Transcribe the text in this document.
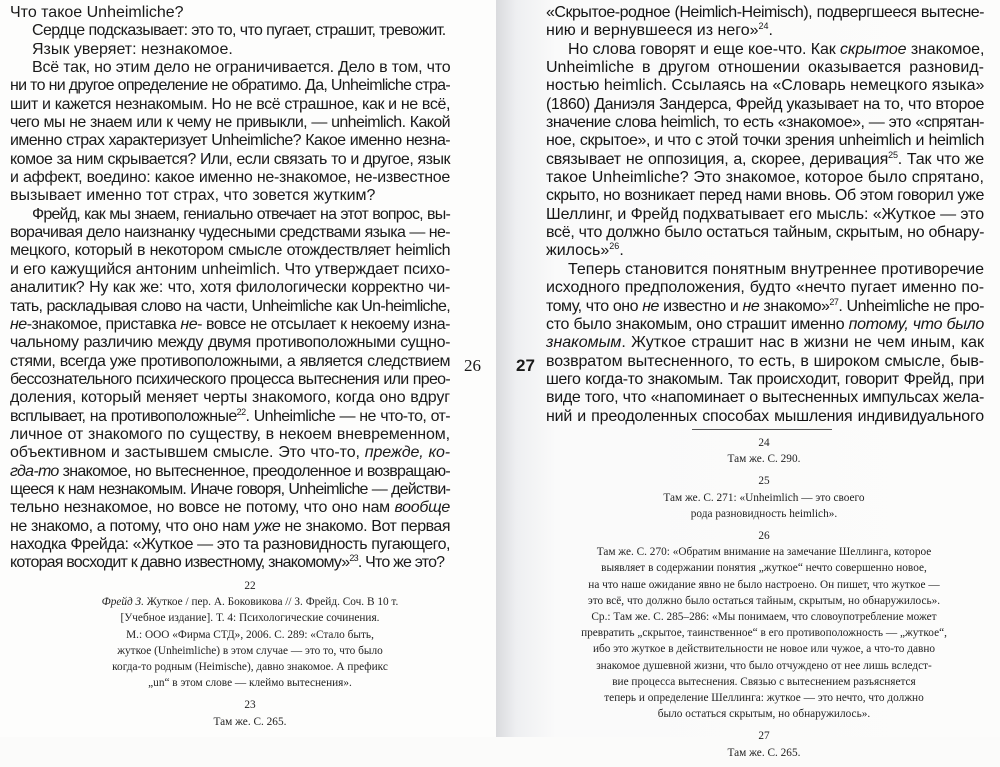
Что такое Unheimliche?
Сердце подсказывает: это то, что пугает, страшит, тревожит.
Язык уверяет: незнакомое.
Всё так, но этим дело не ограничивается. Дело в том, что
ни то ни другое определение не обратимо. Да, Unheimliche стра-
шит и кажется незнакомым. Но не всё страшное, как и не всё,
чего мы не знаем или к чему не привыкли, — unheimlich. Какой
именно страх характеризует Unheimliche? Какое именно незна-
комое за ним скрывается? Или, если связать то и другое, язык
и аффект, воедино: какое именно не-знакомое, не-известное
вызывает именно тот страх, что зовется жутким?
Фрейд, как мы знаем, гениально отвечает на этот вопрос, вы-
ворачивая дело наизнанку чудесными средствами языка — не-
мецкого, который в некотором смысле отождествляет heimlich
и его кажущийся антоним unheimlich. Что утверждает психо-
аналитик? Ну как же: что, хотя филологически корректно чи-
тать, раскладывая слово на части, Unheimliche как Un-heimliche,
не-знакомое, приставка не- вовсе не отсылает к некоему изна-
чальному различию между двумя противоположными сущно-
стями, всегда уже противоположными, а является следствием
бессознательного психического процесса вытеснения или прео-
доления, который меняет черты знакомого, когда оно вдруг
всплывает, на противоположные$^{22}$. Unheimliche — не что-то, от-
личное от знакомого по существу, в некоем вневременном,
объективном и застывшем смысле. Это что-то, прежде, ко-
гда-то знакомое, но вытесненное, преодоленное и возвращаю-
щееся к нам незнакомым. Иначе говоря, Unheimliche — действи-
тельно незнакомое, но вовсе не потому, что оно нам вообще
не знакомо, а потому, что оно нам уже не знакомо. Вот первая
находка Фрейда: «Жуткое — это та разновидность пугающего,
которая восходит к давно известному, знакомому»$^{23}$. Что же это?
26
22
Фрейд З. Жуткое / пер. А. Боковикова // З. Фрейд. Соч. В 10 т.
[Учебное издание]. Т. 4: Психологические сочинения.
М.: ООО «Фирма СТД», 2006. С. 289: «Стало быть,
жуткое (Unheimliche) в этом случае — это то, что было
когда-то родным (Heimische), давно знакомое. А префикс
„un“ в этом слове — клеймо вытеснения».
23
Там же. С. 265.
«Скрытое-родное (Heimlich-Heimisch), подвергшееся вытесне-
нию и вернувшееся из него»$^{24}$.
Но слова говорят и еще кое-что. Как скрытое знакомое,
Unheimliche в другом отношении оказывается разновид-
ностью heimlich. Ссылаясь на «Словарь немецкого языка»
(1860) Даниэля Зандерса, Фрейд указывает на то, что второе
значение слова heimlich, то есть «знакомое», — это «спрятан-
ное, скрытое», и что с этой точки зрения unheimlich и heimlich
связывает не оппозиция, а, скорее, деривация$^{25}$. Так что же
такое Unheimliche? Это знакомое, которое было спрятано,
скрыто, но возникает перед нами вновь. Об этом говорил уже
Шеллинг, и Фрейд подхватывает его мысль: «Жуткое — это
всё, что должно было остаться тайным, скрытым, но обнару-
жилось»$^{26}$.
Теперь становится понятным внутреннее противоречие
исходного предположения, будто «нечто пугает именно по-
тому, что оно не известно и не знакомо»$^{27}$. Unheimliche не про-
сто было знакомым, оно страшит именно потому, что было
знакомым. Жуткое страшит нас в жизни не чем иным, как
возвратом вытесненного, то есть, в широком смысле, быв-
шего когда-то знакомым. Так происходит, говорит Фрейд, при
виде того, что «напоминает о вытесненных импульсах жела-
ний и преодоленных способах мышления индивидуального
27
24
Там же. С. 290.
25
Там же. С. 271: «Unheimlich — это своего
рода разновидность heimlich».
26
Там же. С. 270: «Обратим внимание на замечание Шеллинга, которое
выявляет в содержании понятия „жуткое“ нечто совершенно новое,
на что наше ожидание явно не было настроено. Он пишет, что жуткое —
это всё, что должно было остаться тайным, скрытым, но обнаружилось».
Ср.: Там же. С. 285–286: «Мы понимаем, что словоупотребление может
превратить „скрытое, таинственное“ в его противоположность — „жуткое“,
ибо это жуткое в действительности не новое или чужое, а что-то давно
знакомое душевной жизни, что было отчуждено от нее лишь вследст-
вие процесса вытеснения. Связью с вытеснением разъясняется
теперь и определение Шеллинга: жуткое — это нечто, что должно
было остаться скрытым, но обнаружилось».
27
Там же. С. 265.
